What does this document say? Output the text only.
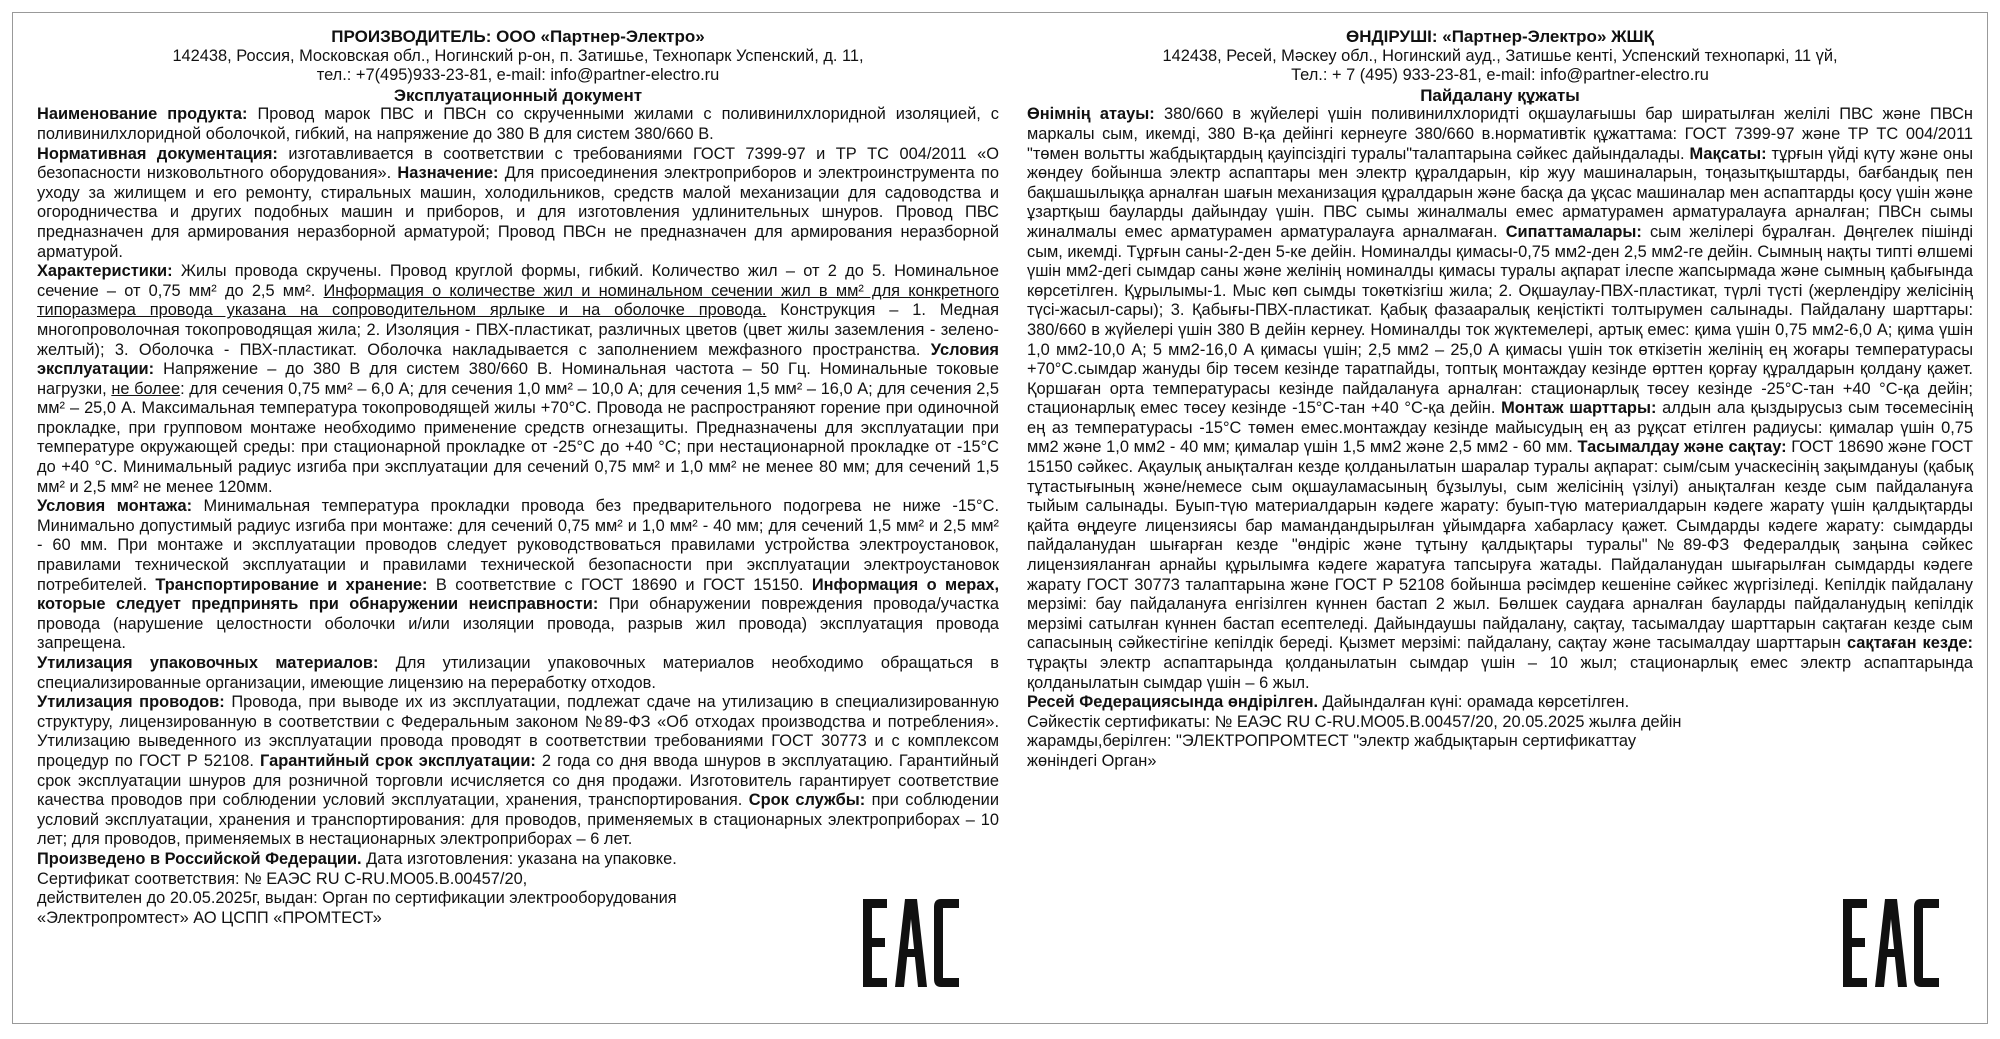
ПРОИЗВОДИТЕЛЬ: ООО «Партнер-Электро»
142438, Россия, Московская обл., Ногинский р-он, п. Затишье, Технопарк Успенский, д. 11,
тел.: +7(495)933-23-81, e-mail: info@partner-electro.ru
Эксплуатационный документ

Наименование продукта: Провод марок ПВС и ПВСн со скрученными жилами с поливинилхлоридной изоляцией, с поливинилхлоридной оболочкой, гибкий, на напряжение до 380 В для систем 380/660 В.

Нормативная документация: изготавливается в соответствии с требованиями ГОСТ 7399-97 и ТР ТС 004/2011 «О безопасности низковольтного оборудования». Назначение: Для присоединения электроприборов и электроинструмента по уходу за жилищем и его ремонту, стиральных машин, холодильников, средств малой механизации для садоводства и огородничества и других подобных машин и приборов, и для изготовления удлинительных шнуров. Провод ПВС предназначен для армирования неразборной арматурой; Провод ПВСн не предназначен для армирования неразборной арматурой.

Характеристики: Жилы провода скручены. Провод круглой формы, гибкий. Количество жил – от 2 до 5. Номинальное сечение – от 0,75 мм² до 2,5 мм². Информация о количестве жил и номинальном сечении жил в мм² для конкретного типоразмера провода указана на сопроводительном ярлыке и на оболочке провода. Конструкция – 1. Медная многопроволочная токопроводящая жила; 2. Изоляция - ПВХ-пластикат, различных цветов (цвет жилы заземления - зелено-желтый); 3. Оболочка - ПВХ-пластикат. Оболочка накладывается с заполнением межфазного пространства. Условия эксплуатации: Напряжение – до 380 В для систем 380/660 В. Номинальная частота – 50 Гц. Номинальные токовые нагрузки, не более: для сечения 0,75 мм² – 6,0 А; для сечения 1,0 мм² – 10,0 А; для сечения 1,5 мм² – 16,0 А; для сечения 2,5 мм² – 25,0 А. Максимальная температура токопроводящей жилы +70°С. Провода не распространяют горение при одиночной прокладке, при групповом монтаже необходимо применение средств огнезащиты. Предназначены для эксплуатации при температуре окружающей среды: при стационарной прокладке от -25°С до +40 °С; при нестационарной прокладке от -15°С до +40 °С. Минимальный радиус изгиба при эксплуатации для сечений 0,75 мм² и 1,0 мм² не менее 80 мм; для сечений 1,5 мм² и 2,5 мм² не менее 120мм.

Условия монтажа: Минимальная температура прокладки провода без предварительного подогрева не ниже -15°С. Минимально допустимый радиус изгиба при монтаже: для сечений 0,75 мм² и 1,0 мм² - 40 мм; для сечений 1,5 мм² и 2,5 мм² - 60 мм. При монтаже и эксплуатации проводов следует руководствоваться правилами устройства электроустановок, правилами технической эксплуатации и правилами технической безопасности при эксплуатации электроустановок потребителей. Транспортирование и хранение: В соответствие с ГОСТ 18690 и ГОСТ 15150. Информация о мерах, которые следует предпринять при обнаружении неисправности: При обнаружении повреждения провода/участка провода (нарушение целостности оболочки и/или изоляции провода, разрыв жил провода) эксплуатация провода запрещена.

Утилизация упаковочных материалов: Для утилизации упаковочных материалов необходимо обращаться в специализированные организации, имеющие лицензию на переработку отходов.

Утилизация проводов: Провода, при выводе их из эксплуатации, подлежат сдаче на утилизацию в специализированную структуру, лицензированную в соответствии с Федеральным законом №89-ФЗ «Об отходах производства и потребления». Утилизацию выведенного из эксплуатации провода проводят в соответствии требованиями ГОСТ 30773 и с комплексом процедур по ГОСТ Р 52108. Гарантийный срок эксплуатации: 2 года со дня ввода шнуров в эксплуатацию. Гарантийный срок эксплуатации шнуров для розничной торговли исчисляется со дня продажи. Изготовитель гарантирует соответствие качества проводов при соблюдении условий эксплуатации, хранения, транспортирования. Срок службы: при соблюдении условий эксплуатации, хранения и транспортирования: для проводов, применяемых в стационарных электроприборах – 10 лет; для проводов, применяемых в нестационарных электроприборах – 6 лет.

Произведено в Российской Федерации. Дата изготовления: указана на упаковке.
Сертификат соответствия: № ЕАЭС RU C-RU.МО05.В.00457/20,
действителен до 20.05.2025г, выдан: Орган по сертификации электрооборудования
«Электропромтест» АО ЦСПП «ПРОМТЕСТ»
ӨНДІРУШІ: «Партнер-Электро» ЖШҚ
142438, Ресей, Мәскеу обл., Ногинский ауд., Затишье кенті, Успенский технопаркі, 11 үй,
Тел.: + 7 (495) 933-23-81, e-mail: info@partner-electro.ru
Пайдалану құжаты

Өнімнің атауы: 380/660 в жүйелері үшін поливинилхлоридті оқшаулағышы бар ширатылған желілі ПВС және ПВСн маркалы сым, икемді, 380 В-қа дейінгі кернеуге 380/660 в.нормативтік құжаттама: ГОСТ 7399-97 және ТР ТС 004/2011 "төмен вольтты жабдықтардың қауіпсіздігі туралы"талаптарына сәйкес дайындалады. Мақсаты: тұрғын үйді күту және оны жөндеу бойынша электр аспаптары мен электр құралдарын, кір жуу машиналарын, тоңазытқыштарды, бағбандық пен бақшашылыққа арналған шағын механизация құралдарын және басқа да ұқсас машиналар мен аспаптарды қосу үшін және ұзартқыш бауларды дайындау үшін. ПВС сымы жиналмалы емес арматурамен арматуралауға арналған; ПВСн сымы жиналмалы емес арматурамен арматуралауға арналмаған. Сипаттамалары: сым желілері бұралған. Дөңгелек пішінді сым, икемді. Тұрғын саны-2-ден 5-ке дейін. Номиналды қимасы-0,75 мм2-ден 2,5 мм2-ге дейін. Сымның нақты типті өлшемі үшін мм2-дегі сымдар саны және желінің номиналды қимасы туралы ақпарат ілеспе жапсырмада және сымның қабығында көрсетілген. Құрылымы-1. Мыс көп сымды токөткізгіш жила; 2. Оқшаулау-ПВХ-пластикат, түрлі түсті (жерлендіру желісінің түсі-жасыл-сары); 3. Қабығы-ПВХ-пластикат. Қабық фазааралық кеңістікті толтырумен салынады. Пайдалану шарттары: 380/660 в жүйелері үшін 380 В дейін кернеу. Номиналды ток жүктемелері, артық емес: қима үшін 0,75 мм2-6,0 А; қима үшін 1,0 мм2-10,0 А; 5 мм2-16,0 А қимасы үшін; 2,5 мм2 – 25,0 А қимасы үшін ток өткізетін желінің ең жоғары температурасы +70°С.сымдар жануды бір төсем кезінде таратпайды, топтық монтаждау кезінде өрттен қорғау құралдарын қолдану қажет. Қоршаған орта температурасы кезінде пайдалануға арналған: стационарлық төсеу кезінде -25°С-тан +40 °С-қа дейін; стационарлық емес төсеу кезінде -15°С-тан +40 °С-қа дейін. Монтаж шарттары: алдын ала қыздырусыз сым төсемесінің ең аз температурасы -15°С төмен емес.монтаждау кезінде майысудың ең аз рұқсат етілген радиусы: қималар үшін 0,75 мм2 және 1,0 мм2 - 40 мм; қималар үшін 1,5 мм2 және 2,5 мм2 - 60 мм. Тасымалдау және сақтау: ГОСТ 18690 және ГОСТ 15150 сәйкес. Ақаулық анықталған кезде қолданылатын шаралар туралы ақпарат: сым/сым учаскесінің зақымдануы (қабық тұтастығының және/немесе сым оқшауламасының бұзылуы, сым желісінің үзілуі) анықталған кезде сым пайдалануға тыйым салынады. Буып-түю материалдарын кәдеге жарату: буып-түю материалдарын кәдеге жарату үшін қалдықтарды қайта өңдеуге лицензиясы бар мамандандырылған ұйымдарға хабарласу қажет. Сымдарды кәдеге жарату: сымдарды пайдаланудан шығарған кезде "өндіріс және тұтыну қалдықтары туралы"№89-ФЗ Федералдық заңына сәйкес лицензияланған арнайы құрылымға кәдеге жаратуға тапсыруға жатады. Пайдаланудан шығарылған сымдарды кәдеге жарату ГОСТ 30773 талаптарына және ГОСТ Р 52108 бойынша рәсімдер кешеніне сәйкес жүргізіледі. Кепілдік пайдалану мерзімі: бау пайдалануға енгізілген күннен бастап 2 жыл. Бөлшек саудаға арналған бауларды пайдаланудың кепілдік мерзімі сатылған күннен бастап есептеледі. Дайындаушы пайдалану, сақтау, тасымалдау шарттарын сақтаған кезде сым сапасының сәйкестігіне кепілдік береді. Қызмет мерзімі: пайдалану, сақтау және тасымалдау шарттарын сақтаған кезде: тұрақты электр аспаптарында қолданылатын сымдар үшін – 10 жыл; стационарлық емес электр аспаптарында қолданылатын сымдар үшін – 6 жыл.

Ресей Федерациясында өндірілген. Дайындалған күні: орамада көрсетілген.
Сәйкестік сертификаты: № ЕАЭС RU C-RU.МО05.В.00457/20, 20.05.2025 жылға дейін
жарамды,берілген: "ЭЛЕКТРОПРОМТЕСТ "электр жабдықтарын сертификаттау
жөніндегі Орган»
